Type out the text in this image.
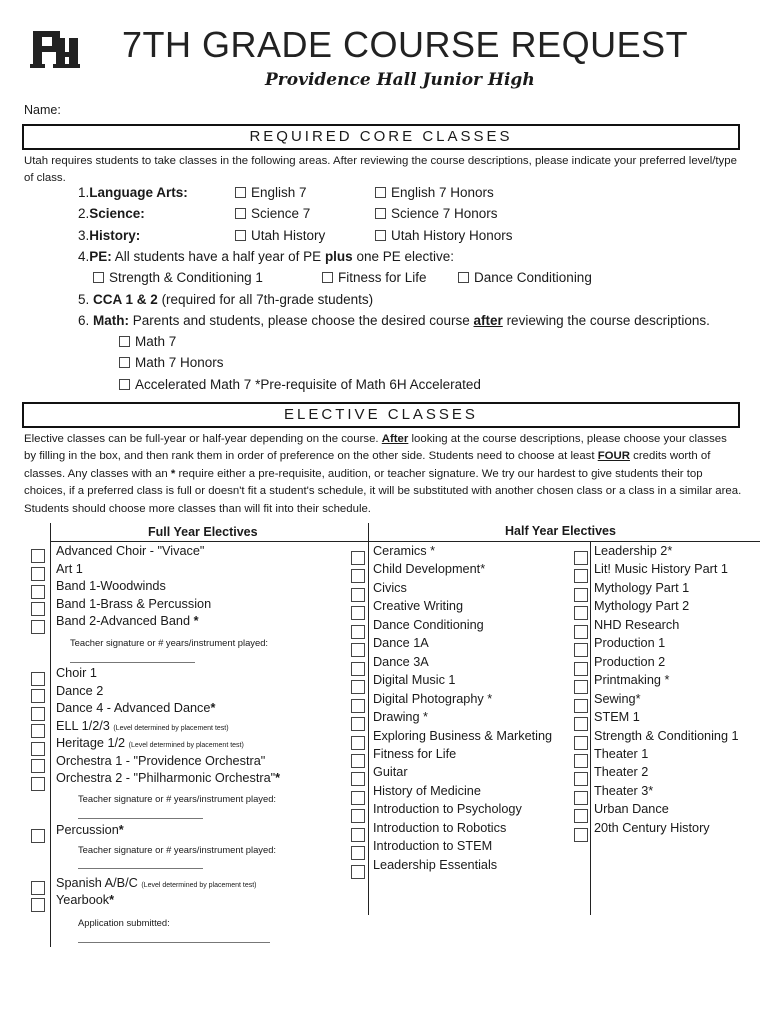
7TH GRADE COURSE REQUEST
Providence Hall Junior High
Name:
REQUIRED CORE CLASSES
Utah requires students to take classes in the following areas. After reviewing the course descriptions, please indicate your preferred level/type of class.
1.Language Arts:	English 7	English 7 Honors
2.Science:	Science 7	Science 7 Honors
3.History:	Utah History	Utah History Honors
4.PE: All students have a half year of PE plus one PE elective:
Strength & Conditioning 1	Fitness for Life	Dance Conditioning
5. CCA 1 & 2 (required for all 7th-grade students)
6. Math: Parents and students, please choose the desired course after reviewing the course descriptions.
Math 7
Math 7 Honors
Accelerated Math 7 *Pre-requisite of Math 6H Accelerated
ELECTIVE CLASSES
Elective classes can be full-year or half-year depending on the course. After looking at the course descriptions, please choose your classes by filling in the box, and then rank them in order of preference on the other side. Students need to choose at least FOUR credits worth of classes. Any classes with an * require either a pre-requisite, audition, or teacher signature. We try our hardest to give students their top choices, if a preferred class is full or doesn't fit a student's schedule, it will be substituted with another chosen class or a class in a similar area. Students should choose more classes than will fit into their schedule.
Full Year Electives	Half Year Electives
Advanced Choir - "Vivace"
Art 1
Band 1-Woodwinds
Band 1-Brass & Percussion
Band 2-Advanced Band *
Teacher signature or # years/instrument played:
Choir 1
Dance 2
Dance 4 - Advanced Dance*
ELL 1/2/3 (Level determined by placement test)
Heritage 1/2 (Level determined by placement test)
Orchestra 1 - "Providence Orchestra"
Orchestra 2 - "Philharmonic Orchestra"*
Teacher signature or # years/instrument played:
Percussion*
Teacher signature or # years/instrument played:
Spanish A/B/C (Level determined by placement test)
Yearbook*
Application submitted:
Ceramics *
Child Development*
Civics
Creative Writing
Dance Conditioning
Dance 1A
Dance 3A
Digital Music 1
Digital Photography *
Drawing *
Exploring Business & Marketing
Fitness for Life
Guitar
History of Medicine
Introduction to Psychology
Introduction to Robotics
Introduction to STEM
Leadership Essentials
Leadership 2*
Lit! Music History Part 1
Mythology Part 1
Mythology Part 2
NHD Research
Production 1
Production 2
Printmaking *
Sewing*
STEM 1
Strength & Conditioning 1
Theater 1
Theater 2
Theater 3*
Urban Dance
20th Century History
